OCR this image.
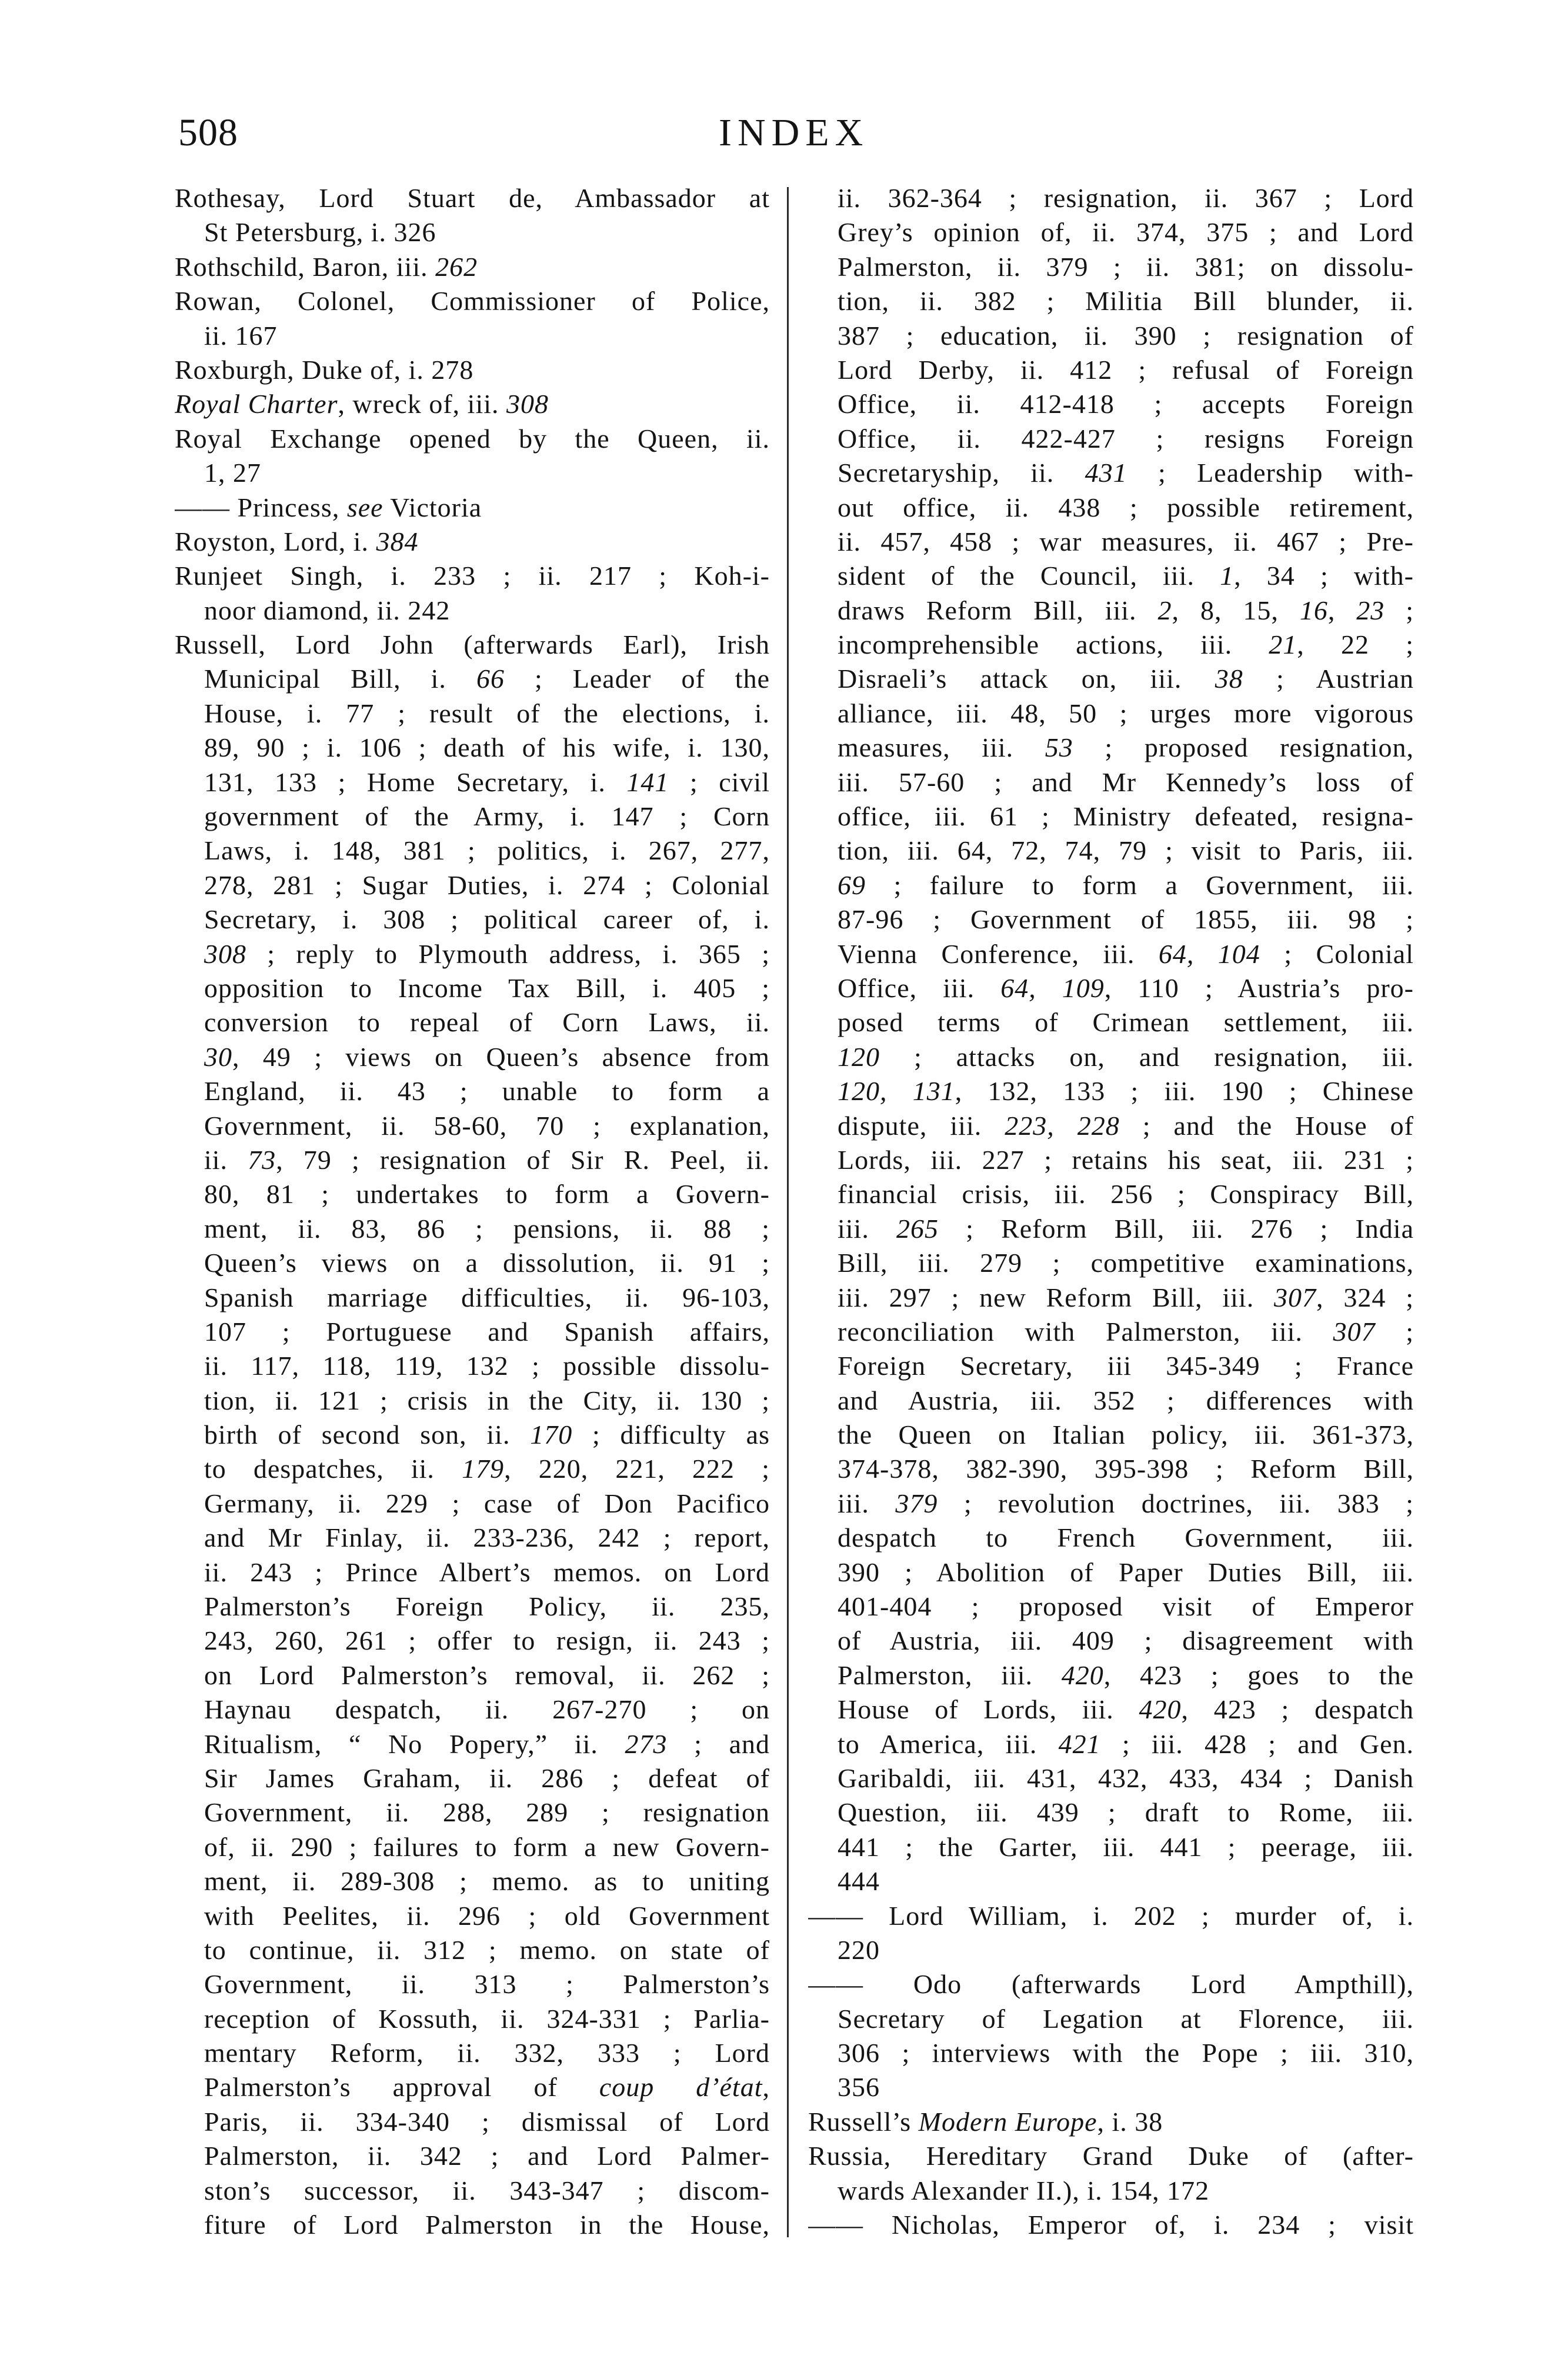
508	INDEX
Rothesay, Lord Stuart de, Ambassador at
St Petersburg, i. 326
Rothschild, Baron, iii. 262
Rowan, Colonel, Commissioner of Police,
ii. 167
Roxburgh, Duke of, i. 278
Royal Charter, wreck of, iii. 308
Royal Exchange opened by the Queen, ii.
1, 27
—— Princess, see Victoria
Royston, Lord, i. 384
Runjeet Singh, i. 233 ; ii. 217 ; Koh-i-
noor diamond, ii. 242
Russell, Lord John (afterwards Earl), Irish
Municipal Bill, i. 66 ; Leader of the
House, i. 77 ; result of the elections, i.
89, 90 ; i. 106 ; death of his wife, i. 130,
131, 133 ; Home Secretary, i. 141 ; civil
government of the Army, i. 147 ; Corn
Laws, i. 148, 381 ; politics, i. 267, 277,
278, 281 ; Sugar Duties, i. 274 ; Colonial
Secretary, i. 308 ; political career of, i.
308 ; reply to Plymouth address, i. 365 ;
opposition to Income Tax Bill, i. 405 ;
conversion to repeal of Corn Laws, ii.
30, 49 ; views on Queen’s absence from
England, ii. 43 ; unable to form a
Government, ii. 58-60, 70 ; explanation,
ii. 73, 79 ; resignation of Sir R. Peel, ii.
80, 81 ; undertakes to form a Govern-
ment, ii. 83, 86 ; pensions, ii. 88 ;
Queen’s views on a dissolution, ii. 91 ;
Spanish marriage difficulties, ii. 96-103,
107 ; Portuguese and Spanish affairs,
ii. 117, 118, 119, 132 ; possible dissolu-
tion, ii. 121 ; crisis in the City, ii. 130 ;
birth of second son, ii. 170 ; difficulty as
to despatches, ii. 179, 220, 221, 222 ;
Germany, ii. 229 ; case of Don Pacifico
and Mr Finlay, ii. 233-236, 242 ; report,
ii. 243 ; Prince Albert’s memos. on Lord
Palmerston’s Foreign Policy, ii. 235,
243, 260, 261 ; offer to resign, ii. 243 ;
on Lord Palmerston’s removal, ii. 262 ;
Haynau despatch, ii. 267-270 ; on
Ritualism, “ No Popery,” ii. 273 ; and
Sir James Graham, ii. 286 ; defeat of
Government, ii. 288, 289 ; resignation
of, ii. 290 ; failures to form a new Govern-
ment, ii. 289-308 ; memo. as to uniting
with Peelites, ii. 296 ; old Government
to continue, ii. 312 ; memo. on state of
Government, ii. 313 ; Palmerston’s
reception of Kossuth, ii. 324-331 ; Parlia-
mentary Reform, ii. 332, 333 ; Lord
Palmerston’s approval of coup d’état,
Paris, ii. 334-340 ; dismissal of Lord
Palmerston, ii. 342 ; and Lord Palmer-
ston’s successor, ii. 343-347 ; discom-
fiture of Lord Palmerston in the House,
ii. 362-364 ; resignation, ii. 367 ; Lord
Grey’s opinion of, ii. 374, 375 ; and Lord
Palmerston, ii. 379 ; ii. 381; on dissolu-
tion, ii. 382 ; Militia Bill blunder, ii.
387 ; education, ii. 390 ; resignation of
Lord Derby, ii. 412 ; refusal of Foreign
Office, ii. 412-418 ; accepts Foreign
Office, ii. 422-427 ; resigns Foreign
Secretaryship, ii. 431 ; Leadership with-
out office, ii. 438 ; possible retirement,
ii. 457, 458 ; war measures, ii. 467 ; Pre-
sident of the Council, iii. 1, 34 ; with-
draws Reform Bill, iii. 2, 8, 15, 16, 23 ;
incomprehensible actions, iii. 21, 22 ;
Disraeli’s attack on, iii. 38 ; Austrian
alliance, iii. 48, 50 ; urges more vigorous
measures, iii. 53 ; proposed resignation,
iii. 57-60 ; and Mr Kennedy’s loss of
office, iii. 61 ; Ministry defeated, resigna-
tion, iii. 64, 72, 74, 79 ; visit to Paris, iii.
69 ; failure to form a Government, iii.
87-96 ; Government of 1855, iii. 98 ;
Vienna Conference, iii. 64, 104 ; Colonial
Office, iii. 64, 109, 110 ; Austria’s pro-
posed terms of Crimean settlement, iii.
120 ; attacks on, and resignation, iii.
120, 131, 132, 133 ; iii. 190 ; Chinese
dispute, iii. 223, 228 ; and the House of
Lords, iii. 227 ; retains his seat, iii. 231 ;
financial crisis, iii. 256 ; Conspiracy Bill,
iii. 265 ; Reform Bill, iii. 276 ; India
Bill, iii. 279 ; competitive examinations,
iii. 297 ; new Reform Bill, iii. 307, 324 ;
reconciliation with Palmerston, iii. 307 ;
Foreign Secretary, iii 345-349 ; France
and Austria, iii. 352 ; differences with
the Queen on Italian policy, iii. 361-373,
374-378, 382-390, 395-398 ; Reform Bill,
iii. 379 ; revolution doctrines, iii. 383 ;
despatch to French Government, iii.
390 ; Abolition of Paper Duties Bill, iii.
401-404 ; proposed visit of Emperor
of Austria, iii. 409 ; disagreement with
Palmerston, iii. 420, 423 ; goes to the
House of Lords, iii. 420, 423 ; despatch
to America, iii. 421 ; iii. 428 ; and Gen.
Garibaldi, iii. 431, 432, 433, 434 ; Danish
Question, iii. 439 ; draft to Rome, iii.
441 ; the Garter, iii. 441 ; peerage, iii.
444
—— Lord William, i. 202 ; murder of, i.
220
—— Odo (afterwards Lord Ampthill),
Secretary of Legation at Florence, iii.
306 ; interviews with the Pope ; iii. 310,
356
Russell’s Modern Europe, i. 38
Russia, Hereditary Grand Duke of (after-
wards Alexander II.), i. 154, 172
—— Nicholas, Emperor of, i. 234 ; visit
